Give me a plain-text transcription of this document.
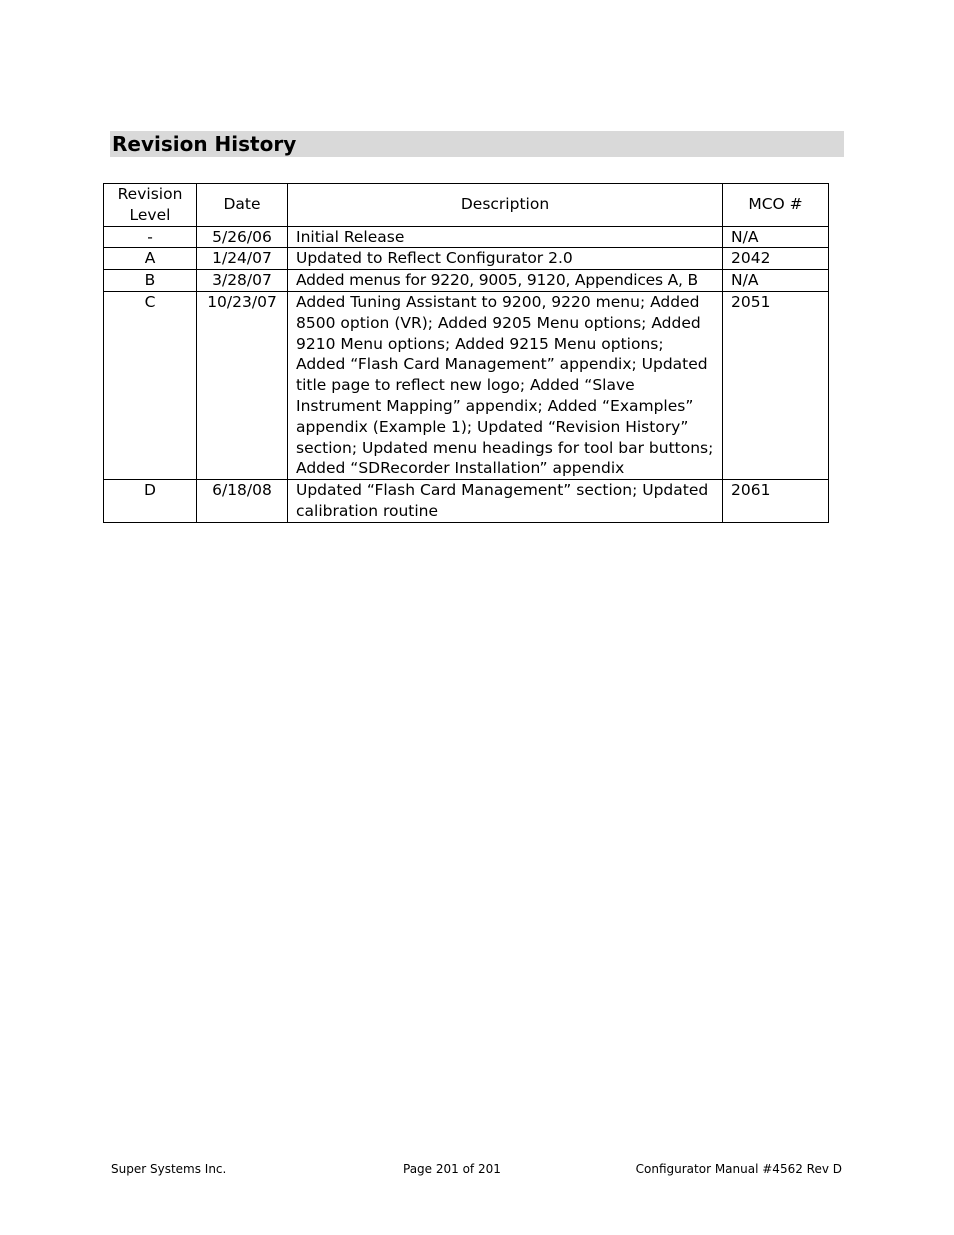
Revision History
Revision Level	Date	Description	MCO #
-	5/26/06	Initial Release	N/A
A	1/24/07	Updated to Reflect Configurator 2.0	2042
B	3/28/07	Added menus for 9220, 9005, 9120, Appendices A, B	N/A
C	10/23/07	Added Tuning Assistant to 9200, 9220 menu; Added 8500 option (VR); Added 9205 Menu options; Added 9210 Menu options; Added 9215 Menu options; Added “Flash Card Management” appendix; Updated title page to reflect new logo; Added “Slave Instrument Mapping” appendix; Added “Examples” appendix (Example 1); Updated “Revision History” section; Updated menu headings for tool bar buttons; Added “SDRecorder Installation” appendix	2051
D	6/18/08	Updated “Flash Card Management” section; Updated calibration routine	2061
Super Systems Inc.	Page 201 of 201	Configurator Manual #4562 Rev D
